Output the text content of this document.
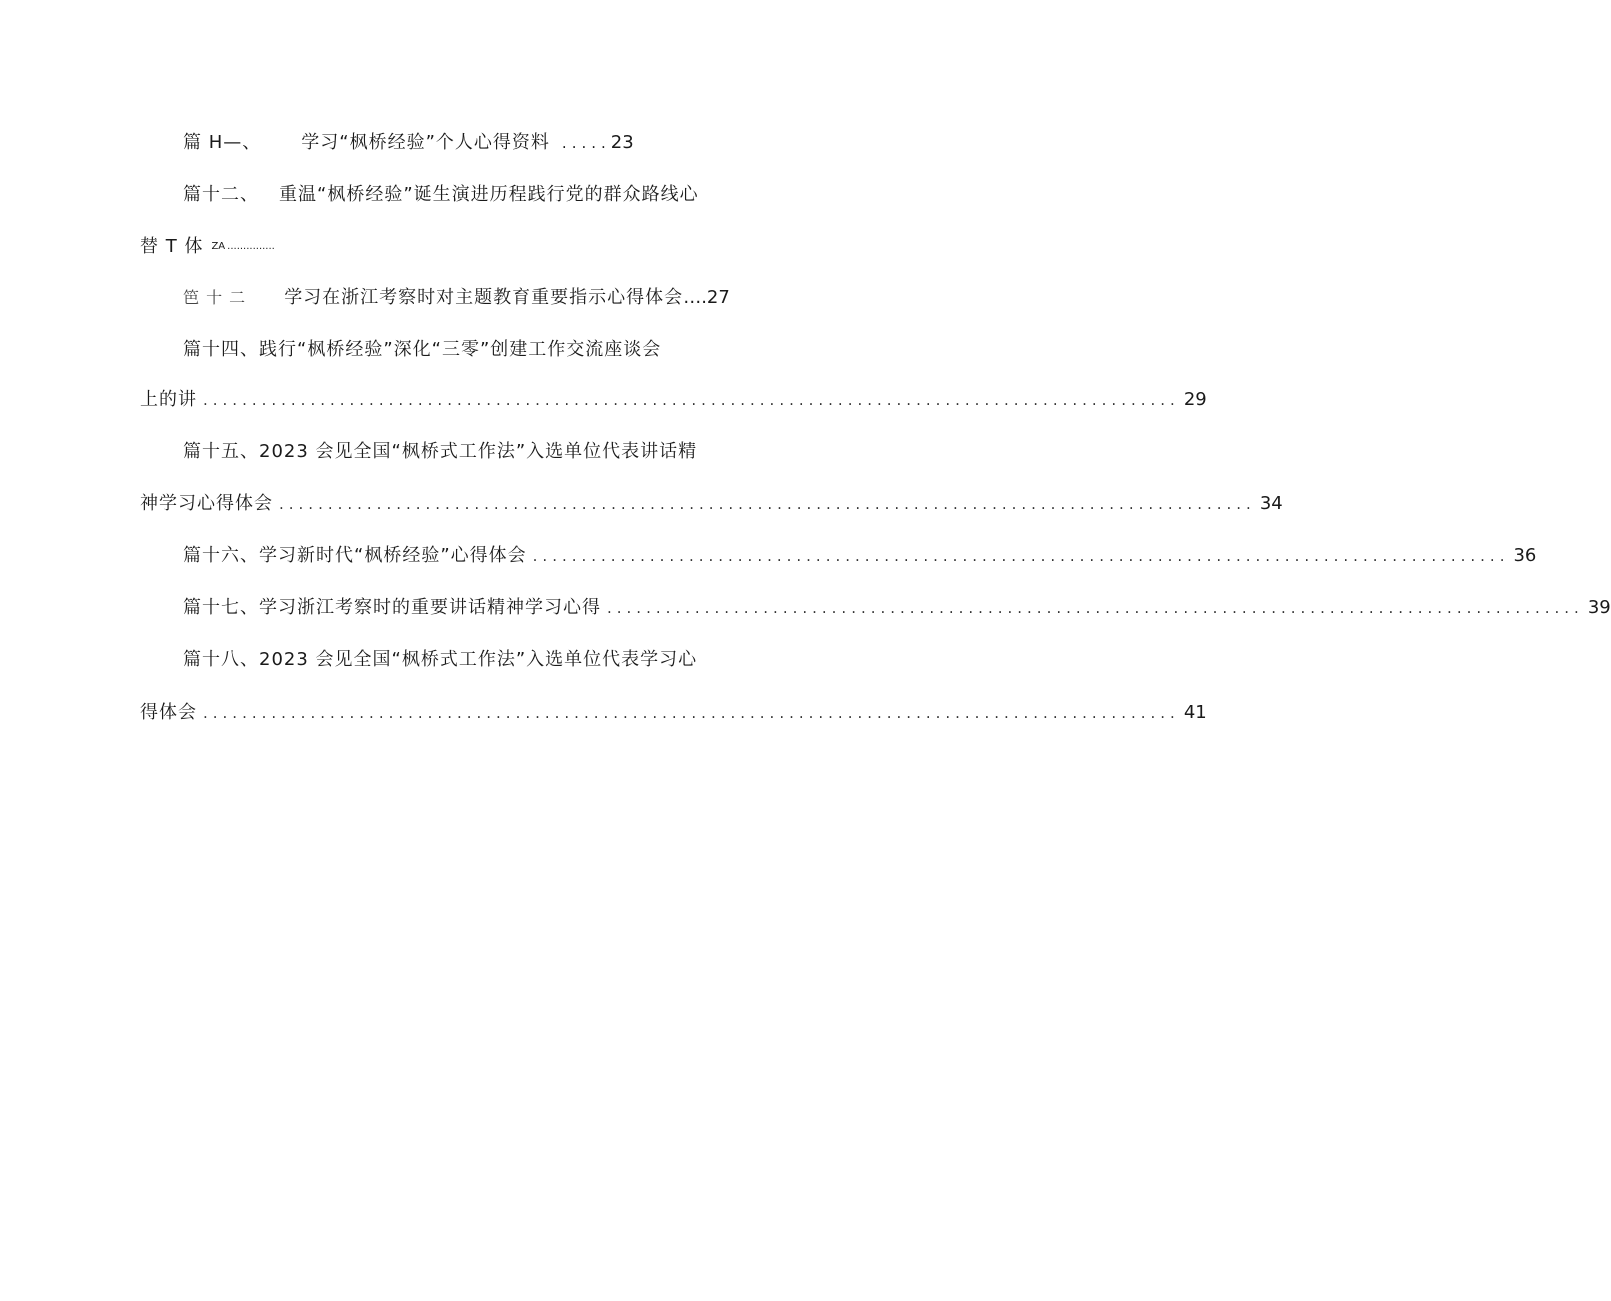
篇 H—、 学习“枫桥经验”个人心得资料 ..... 23
篇十二、 重温“枫桥经验”诞生演进历程践行党的群众路线心
替 T 体 ZA ...............
笆 十 二 学习在浙江考察时对主题教育重要指示心得体会 …. 27
篇十四、 践行“枫桥经验”深化“三零”创建工作交流座谈会
上的讲 .................................................................................................... 29
篇十五、 2023 会见全国“枫桥式工作法”入选单位代表讲话精
神学习心得体会 .................................................................................................... 34
篇十六、 学习新时代“枫桥经验”心得体会 .................................................................................................... 36
篇十七、 学习浙江考察时的重要讲话精神学习心得 .................................................................................................... 39
篇十八、 2023 会见全国“枫桥式工作法”入选单位代表学习心
得体会 .................................................................................................... 41
